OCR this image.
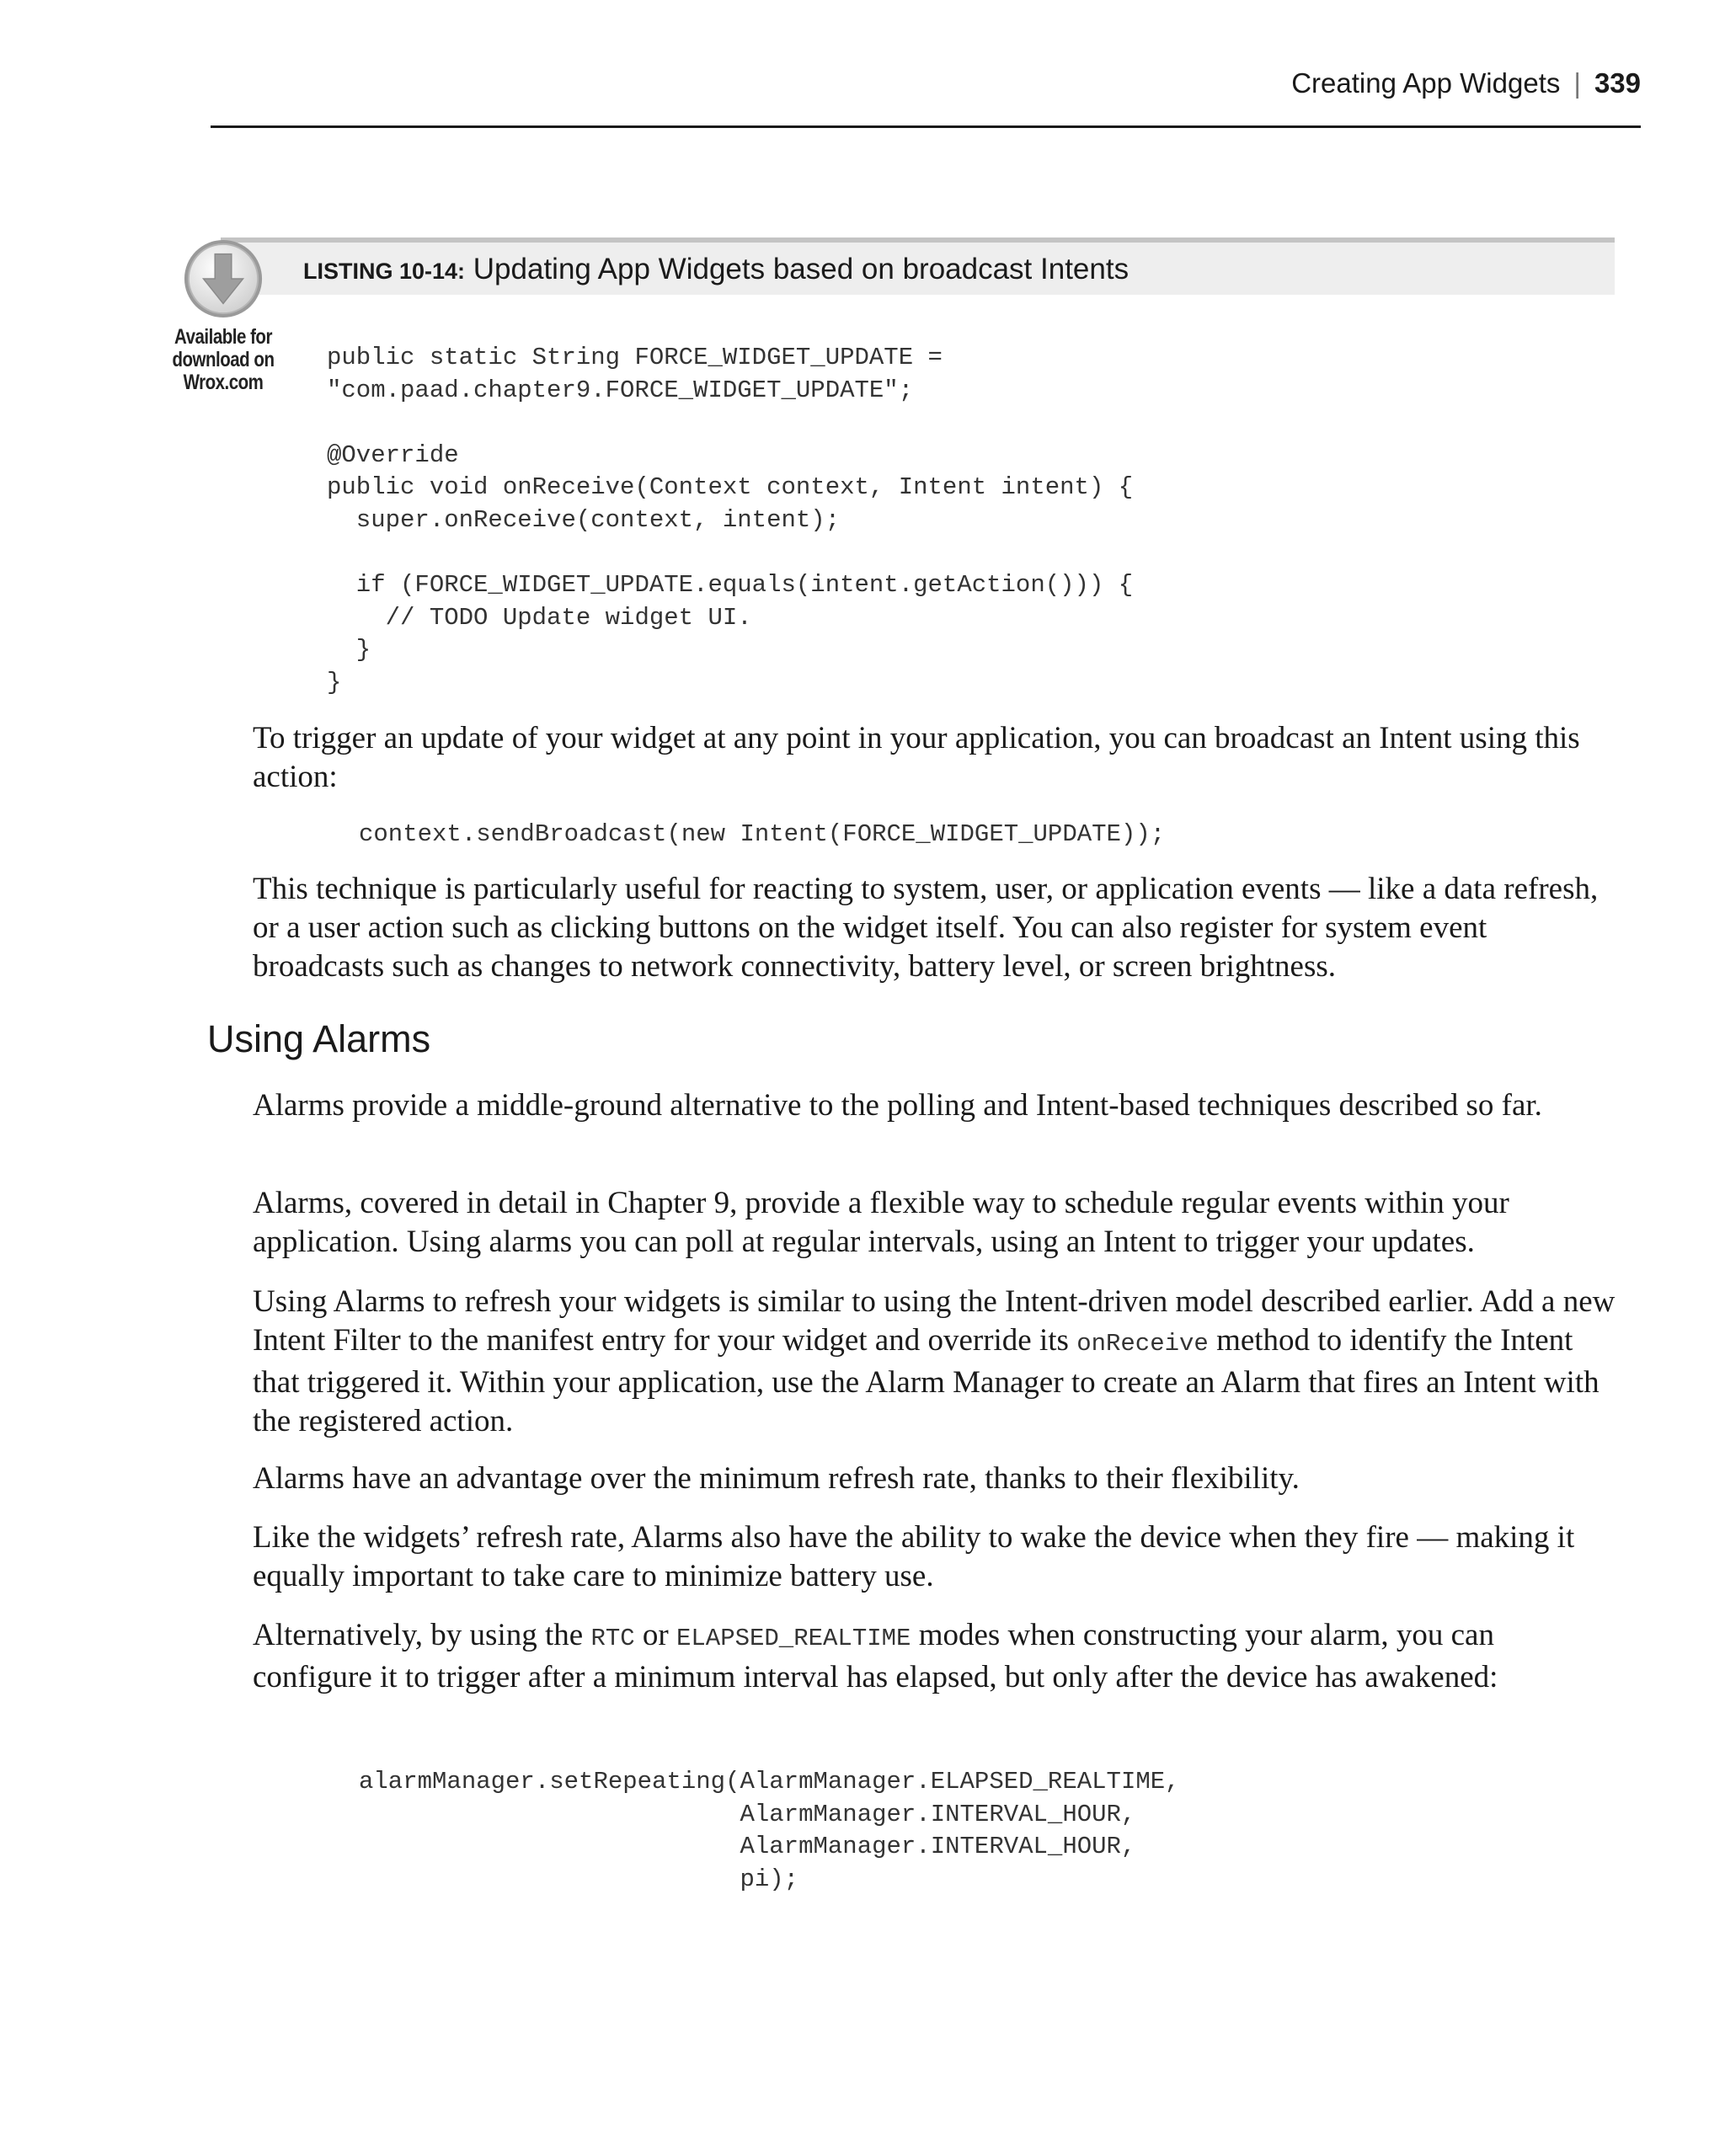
Creating App Widgets | 339
LISTING 10-14: Updating App Widgets based on broadcast Intents
Available for
download on
Wrox.com
public static String FORCE_WIDGET_UPDATE =
"com.paad.chapter9.FORCE_WIDGET_UPDATE";

@Override
public void onReceive(Context context, Intent intent) {
super.onReceive(context, intent);

if (FORCE_WIDGET_UPDATE.equals(intent.getAction())) {
// TODO Update widget UI.
}
}

To trigger an update of your widget at any point in your application, you can broadcast an Intent using this action:

context.sendBroadcast(new Intent(FORCE_WIDGET_UPDATE));

This technique is particularly useful for reacting to system, user, or application events — like a data refresh, or a user action such as clicking buttons on the widget itself. You can also register for system event broadcasts such as changes to network connectivity, battery level, or screen brightness.

Using Alarms

Alarms provide a middle-ground alternative to the polling and Intent-based techniques described so far.

Alarms, covered in detail in Chapter 9, provide a flexible way to schedule regular events within your application. Using alarms you can poll at regular intervals, using an Intent to trigger your updates.

Using Alarms to refresh your widgets is similar to using the Intent-driven model described earlier. Add a new Intent Filter to the manifest entry for your widget and override its onReceive method to identify the Intent that triggered it. Within your application, use the Alarm Manager to create an Alarm that fires an Intent with the registered action.

Alarms have an advantage over the minimum refresh rate, thanks to their flexibility.

Like the widgets’ refresh rate, Alarms also have the ability to wake the device when they fire — making it equally important to take care to minimize battery use.

Alternatively, by using the RTC or ELAPSED_REALTIME modes when constructing your alarm, you can configure it to trigger after a minimum interval has elapsed, but only after the device has awakened:

alarmManager.setRepeating(AlarmManager.ELAPSED_REALTIME,
AlarmManager.INTERVAL_HOUR,
AlarmManager.INTERVAL_HOUR,
pi);
